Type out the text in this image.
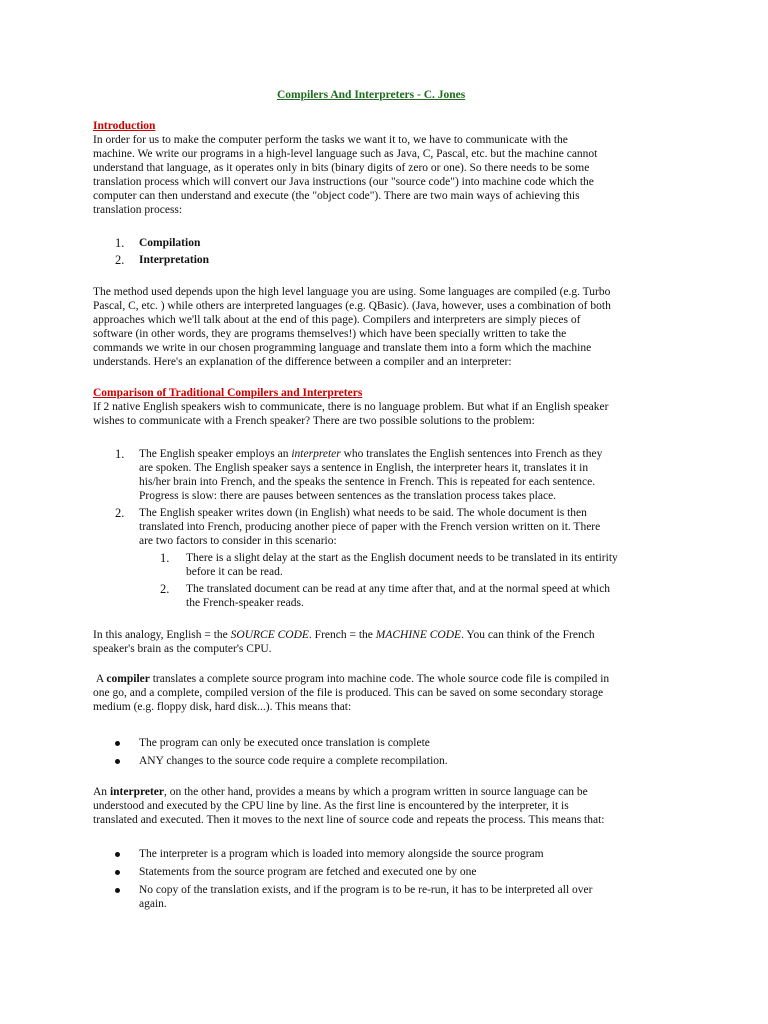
Compilers And Interpreters - C. Jones
Introduction

In order for us to make the computer perform the tasks we want it to, we have to communicate with the
machine. We write our programs in a high-level language such as Java, C, Pascal, etc. but the machine cannot
understand that language, as it operates only in bits (binary digits of zero or one). So there needs to be some
translation process which will convert our Java instructions (our "source code") into machine code which the
computer can then understand and execute (the "object code"). There are two main ways of achieving this
translation process:

1. Compilation
2. Interpretation

The method used depends upon the high level language you are using. Some languages are compiled (e.g. Turbo
Pascal, C, etc. ) while others are interpreted languages (e.g. QBasic). (Java, however, uses a combination of both
approaches which we'll talk about at the end of this page). Compilers and interpreters are simply pieces of
software (in other words, they are programs themselves!) which have been specially written to take the
commands we write in our chosen programming language and translate them into a form which the machine
understands. Here's an explanation of the difference between a compiler and an interpreter:

Comparison of Traditional Compilers and Interpreters

If 2 native English speakers wish to communicate, there is no language problem. But what if an English speaker
wishes to communicate with a French speaker? There are two possible solutions to the problem:

1. The English speaker employs an interpreter who translates the English sentences into French as they
are spoken. The English speaker says a sentence in English, the interpreter hears it, translates it in
his/her brain into French, and the speaks the sentence in French. This is repeated for each sentence.
Progress is slow: there are pauses between sentences as the translation process takes place.
2. The English speaker writes down (in English) what needs to be said. The whole document is then
translated into French, producing another piece of paper with the French version written on it. There
are two factors to consider in this scenario:
1. There is a slight delay at the start as the English document needs to be translated in its entirity
before it can be read.
2. The translated document can be read at any time after that, and at the normal speed at which
the French-speaker reads.

In this analogy, English = the SOURCE CODE. French = the MACHINE CODE. You can think of the French
speaker's brain as the computer's CPU.

A compiler translates a complete source program into machine code. The whole source code file is compiled in
one go, and a complete, compiled version of the file is produced. This can be saved on some secondary storage
medium (e.g. floppy disk, hard disk...). This means that:

The program can only be executed once translation is complete
ANY changes to the source code require a complete recompilation.

An interpreter, on the other hand, provides a means by which a program written in source language can be
understood and executed by the CPU line by line. As the first line is encountered by the interpreter, it is
translated and executed. Then it moves to the next line of source code and repeats the process. This means that:

The interpreter is a program which is loaded into memory alongside the source program
Statements from the source program are fetched and executed one by one
No copy of the translation exists, and if the program is to be re-run, it has to be interpreted all over
again.
